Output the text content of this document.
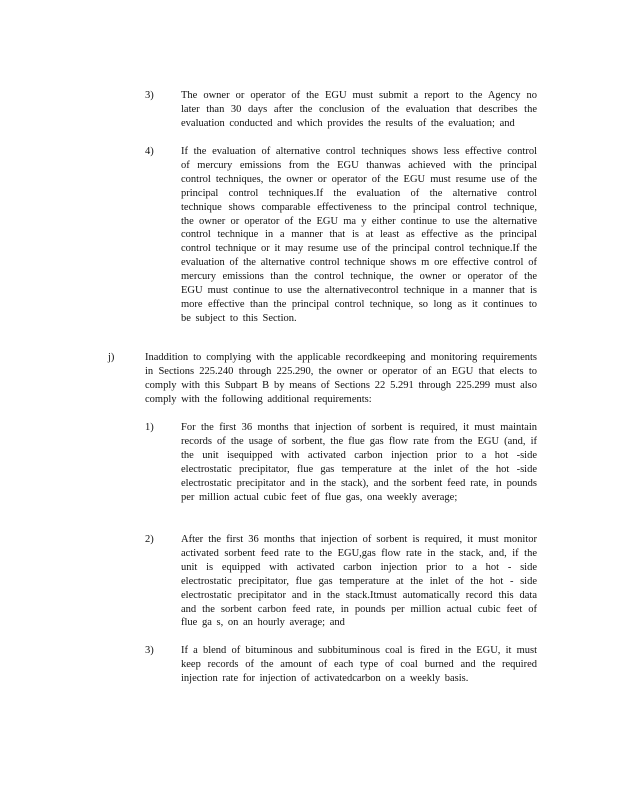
3)	The owner or operator of the EGU must submit a report to the Agency no later than 30 days after the conclusion of the evaluation that describes the evaluation conducted and which provides the results of the evaluation; and
4)	If the evaluation of alternative control techniques shows less effective control of mercury emissions from the EGU thanwas achieved with the principal control techniques, the owner or operator of the EGU must resume use of the principal control techniques.If the evaluation of the alternative control technique shows comparable effectiveness to the principal control technique, the owner or operator of the EGU ma y either continue to use the alternative control technique in a manner that is at least as effective as the principal control technique or it may resume use of the principal control technique.If the evaluation of the alternative control technique shows m ore effective control of mercury emissions than the control technique, the owner or operator of the EGU must continue to use the alternativecontrol technique in a manner that is more effective than the principal control technique, so long as it continues to be subject to this Section.
j)	Inaddition to complying with the applicable recordkeeping and monitoring requirements in Sections 225.240 through 225.290, the owner or operator of an EGU that elects to comply with this Subpart B by means of Sections 22 5.291 through 225.299 must also comply with the following additional requirements:
1)	For the first 36 months that injection of sorbent is required, it must maintain records of the usage of sorbent, the flue gas flow rate from the EGU (and, if the unit isequipped with activated carbon injection prior to a hot -side electrostatic precipitator, flue gas temperature at the inlet of the hot -side electrostatic precipitator and in the stack), and the sorbent feed rate, in pounds per million actual cubic feet of flue gas, ona weekly average;
2)	After the first 36 months that injection of sorbent is required, it must monitor activated sorbent feed rate to the EGU,gas flow rate in the stack, and, if the unit is equipped with activated carbon injection prior to a hot - side electrostatic precipitator, flue gas temperature at the inlet of the hot - side electrostatic precipitator and in the stack.Itmust automatically record this data and the sorbent carbon feed rate, in pounds per million actual cubic feet of flue ga s, on an hourly average; and
3)	If a blend of bituminous and subbituminous coal is fired in the EGU, it must keep records of the amount of each type of coal burned and the required injection rate for injection of activatedcarbon on a weekly basis.
